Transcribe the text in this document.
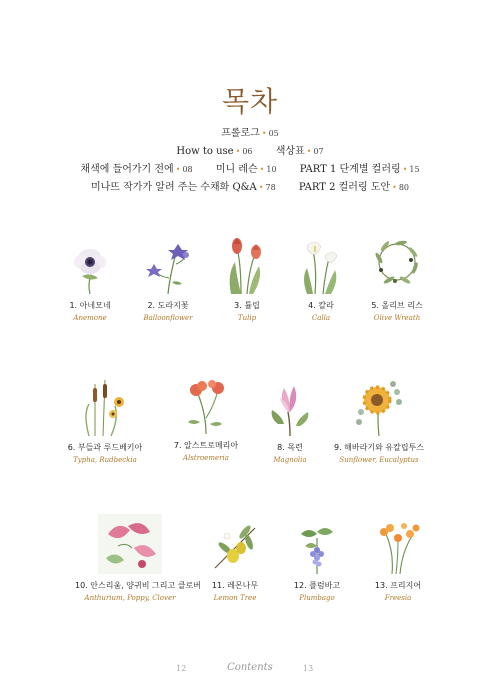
목차
프롤로그 • 05
How to use • 06 색상표 • 07
채색에 들어가기 전에 • 08 미니 레슨 • 10 PART 1 단계별 컬러링 • 15
미나뜨 작가가 알려 주는 수채화 Q&A • 78 PART 2 컬러링 도안 • 80
1. 아네모네
Anemone
2. 도라지꽃
Balloonflower
3. 튤립
Tulip
4. 칼라
Calla
5. 올리브 리스
Olive Wreath
6. 부들과 루드베키아
Typha, Rudbeckia
7. 알스트로메리아
Alstroemeria
8. 목련
Magnolia
9. 해바라기와 유칼립투스
Sunflower, Eucalyptus
10. 안스리움, 양귀비 그리고 클로버
Anthurium, Poppy, Clover
11. 레몬나무
Lemon Tree
12. 플럼바고
Plumbago
13. 프리지어
Freesia
12	Contents	13
